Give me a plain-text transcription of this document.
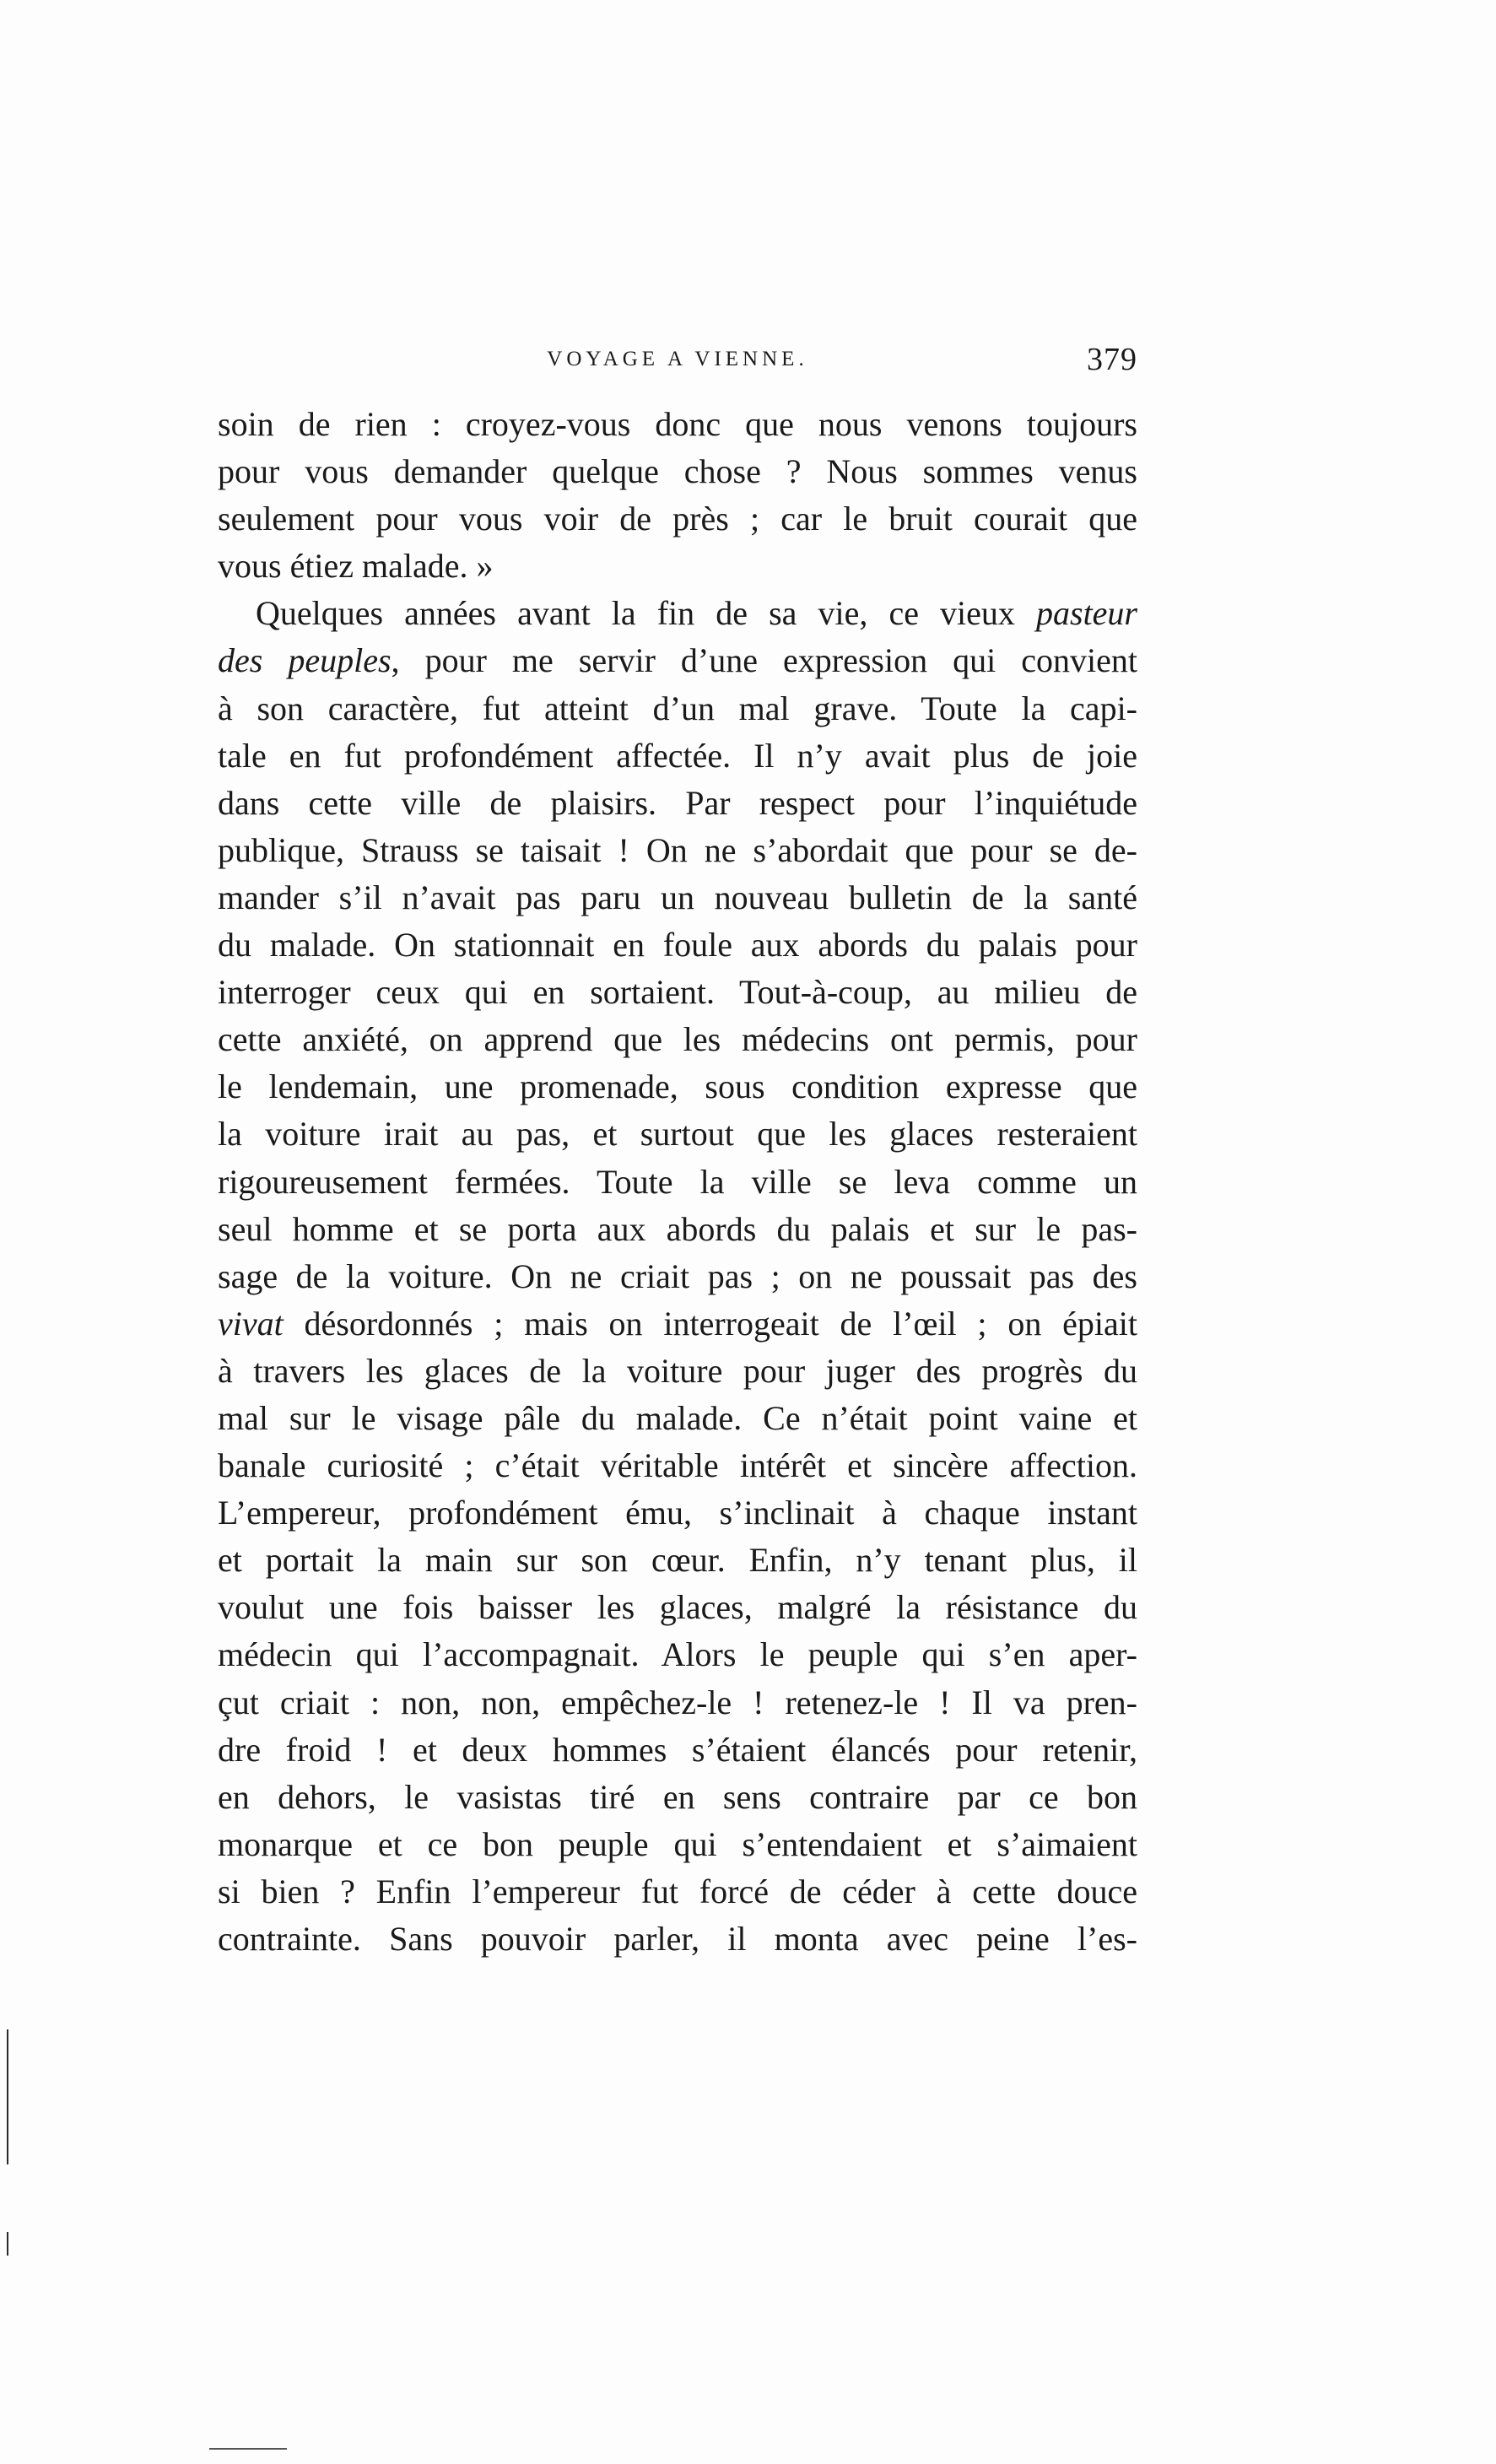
VOYAGE A VIENNE.	379
soin de rien : croyez-vous donc que nous venons toujours
pour vous demander quelque chose ? Nous sommes venus
seulement pour vous voir de près ; car le bruit courait que
vous étiez malade. »
Quelques années avant la fin de sa vie, ce vieux pasteur
des peuples, pour me servir d’une expression qui convient
à son caractère, fut atteint d’un mal grave. Toute la capi-
tale en fut profondément affectée. Il n’y avait plus de joie
dans cette ville de plaisirs. Par respect pour l’inquiétude
publique, Strauss se taisait ! On ne s’abordait que pour se de-
mander s’il n’avait pas paru un nouveau bulletin de la santé
du malade. On stationnait en foule aux abords du palais pour
interroger ceux qui en sortaient. Tout-à-coup, au milieu de
cette anxiété, on apprend que les médecins ont permis, pour
le lendemain, une promenade, sous condition expresse que
la voiture irait au pas, et surtout que les glaces resteraient
rigoureusement fermées. Toute la ville se leva comme un
seul homme et se porta aux abords du palais et sur le pas-
sage de la voiture. On ne criait pas ; on ne poussait pas des
vivat désordonnés ; mais on interrogeait de l’œil ; on épiait
à travers les glaces de la voiture pour juger des progrès du
mal sur le visage pâle du malade. Ce n’était point vaine et
banale curiosité ; c’était véritable intérêt et sincère affection.
L’empereur, profondément ému, s’inclinait à chaque instant
et portait la main sur son cœur. Enfin, n’y tenant plus, il
voulut une fois baisser les glaces, malgré la résistance du
médecin qui l’accompagnait. Alors le peuple qui s’en aper-
çut criait : non, non, empêchez-le ! retenez-le ! Il va pren-
dre froid ! et deux hommes s’étaient élancés pour retenir,
en dehors, le vasistas tiré en sens contraire par ce bon
monarque et ce bon peuple qui s’entendaient et s’aimaient
si bien ? Enfin l’empereur fut forcé de céder à cette douce
contrainte. Sans pouvoir parler, il monta avec peine l’es-
